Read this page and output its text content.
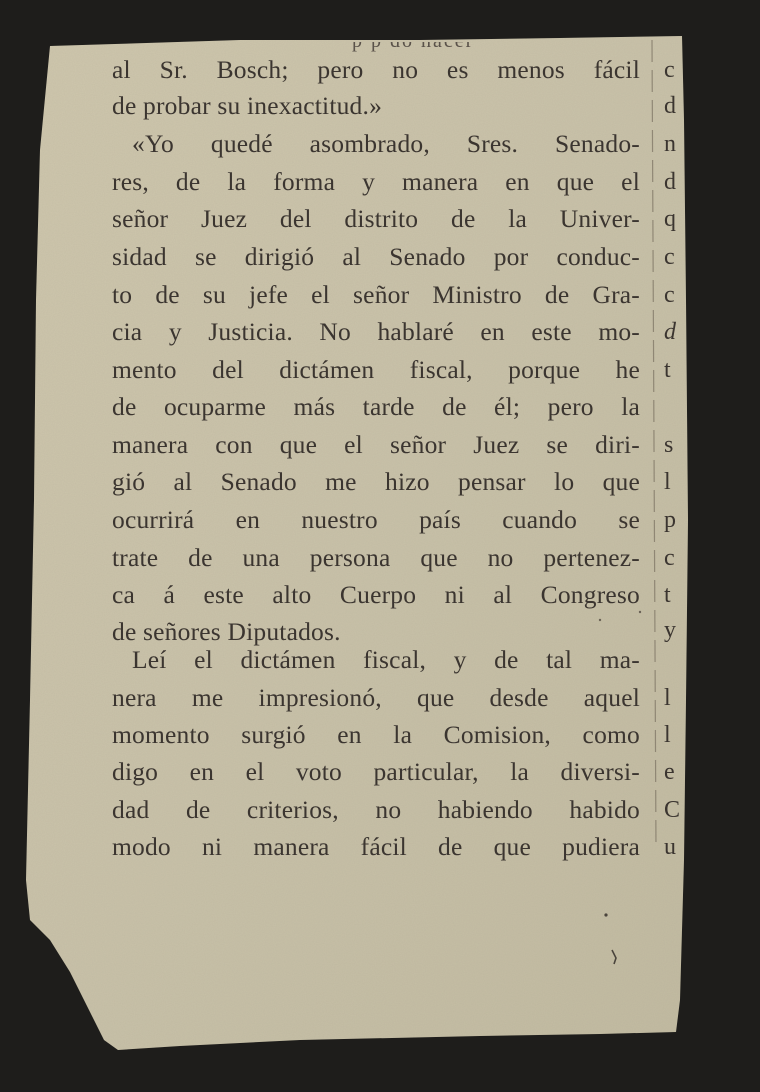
al Sr. Bosch; pero no es menos fácil
de probar su inexactitud.»
«Yo quedé asombrado, Sres. Senado-
res, de la forma y manera en que el
señor Juez del distrito de la Univer-
sidad se dirigió al Senado por conduc-
to de su jefe el señor Ministro de Gra-
cia y Justicia. No hablaré en este mo-
mento del dictámen fiscal, porque he
de ocuparme más tarde de él; pero la
manera con que el señor Juez se diri-
gió al Senado me hizo pensar lo que
ocurrirá en nuestro país cuando se
trate de una persona que no pertenez-
ca á este alto Cuerpo ni al Congreso
de señores Diputados.
Leí el dictámen fiscal, y de tal ma-
nera me impresionó, que desde aquel
momento surgió en la Comision, como
digo en el voto particular, la diversi-
dad de criterios, no habiendo habido
modo ni manera fácil de que pudiera
c
d
n
d
q
c
c
d
t
s
l
p
c
t
y
l
l
e
C
u
